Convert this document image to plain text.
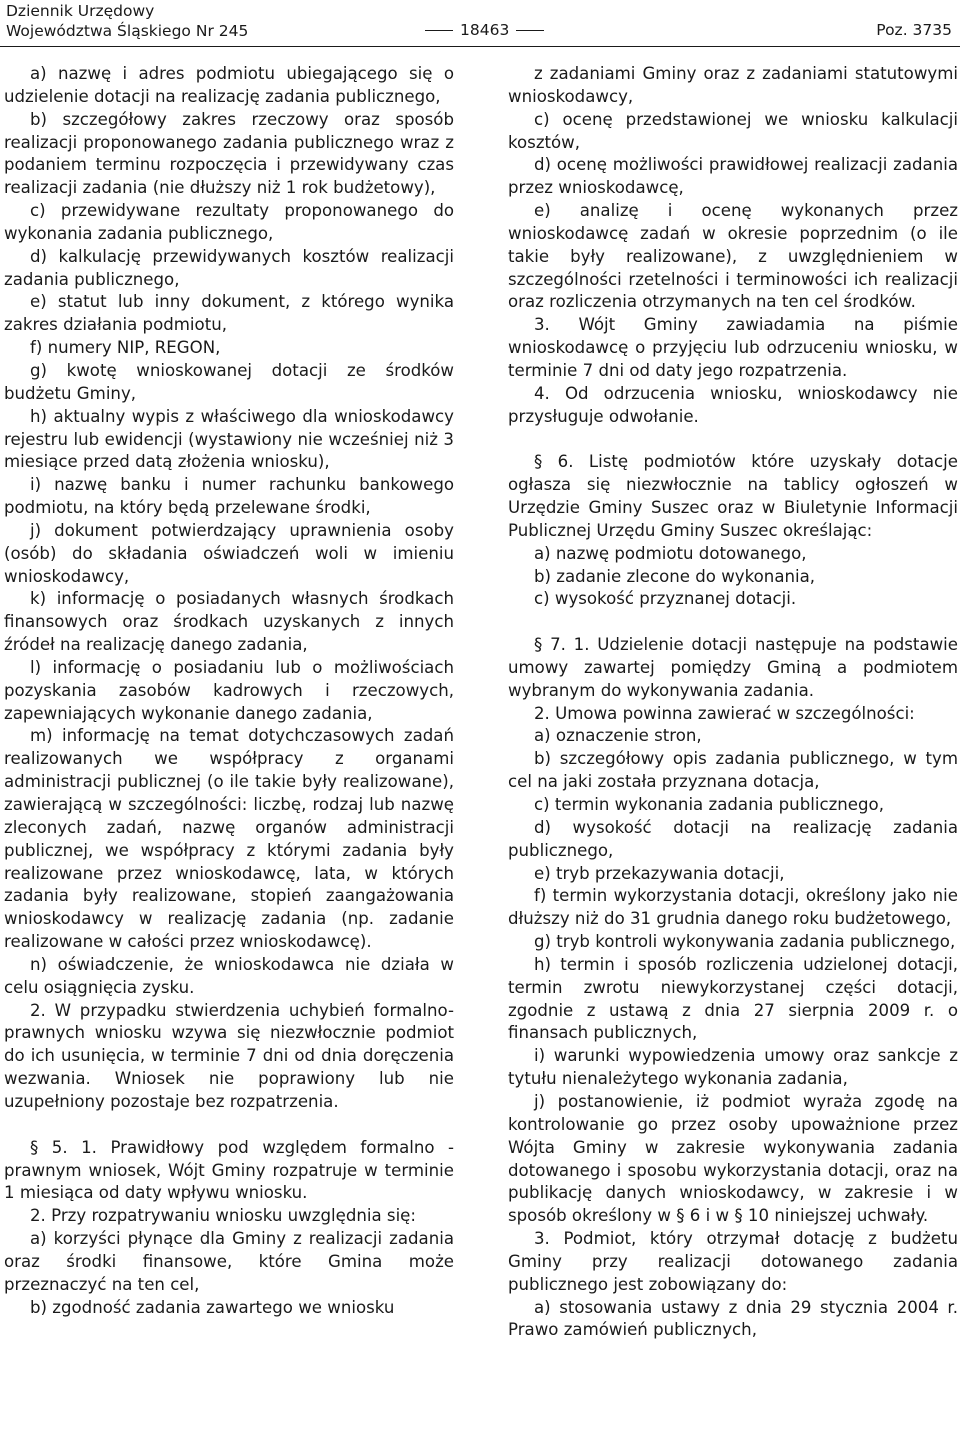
Dziennik Urzędowy
Województwa Śląskiego Nr 245	18463	Poz. 3735

a) nazwę i adres podmiotu ubiegającego się o udzielenie dotacji na realizację zadania publicznego,

b) szczegółowy zakres rzeczowy oraz sposób realizacji proponowanego zadania publicznego wraz z podaniem terminu rozpoczęcia i przewidywany czas realizacji zadania (nie dłuższy niż 1 rok budżetowy),

c) przewidywane rezultaty proponowanego do wykonania zadania publicznego,

d) kalkulację przewidywanych kosztów realizacji zadania publicznego,

e) statut lub inny dokument, z którego wynika zakres działania podmiotu,

f) numery NIP, REGON,

g) kwotę wnioskowanej dotacji ze środków budżetu Gminy,

h) aktualny wypis z właściwego dla wnioskodawcy rejestru lub ewidencji (wystawiony nie wcześniej niż 3 miesiące przed datą złożenia wniosku),

i) nazwę banku i numer rachunku bankowego podmiotu, na który będą przelewane środki,

j) dokument potwierdzający uprawnienia osoby (osób) do składania oświadczeń woli w imieniu wnioskodawcy,

k) informację o posiadanych własnych środkach finansowych oraz środkach uzyskanych z innych źródeł na realizację danego zadania,

l) informację o posiadaniu lub o możliwościach pozyskania zasobów kadrowych i rzeczowych, zapewniających wykonanie danego zadania,

m) informację na temat dotychczasowych zadań realizowanych we współpracy z organami administracji publicznej (o ile takie były realizowane), zawierającą w szczególności: liczbę, rodzaj lub nazwę zleconych zadań, nazwę organów administracji publicznej, we współpracy z którymi zadania były realizowane przez wnioskodawcę, lata, w których zadania były realizowane, stopień zaangażowania wnioskodawcy w realizację zadania (np. zadanie realizowane w całości przez wnioskodawcę).

n) oświadczenie, że wnioskodawca nie działa w celu osiągnięcia zysku.

2. W przypadku stwierdzenia uchybień formalno-prawnych wniosku wzywa się niezwłocznie podmiot do ich usunięcia, w terminie 7 dni od dnia doręczenia wezwania. Wniosek nie poprawiony lub nie uzupełniony pozostaje bez rozpatrzenia.

§ 5. 1. Prawidłowy pod względem formalno - prawnym wniosek, Wójt Gminy rozpatruje w terminie 1 miesiąca od daty wpływu wniosku.

2. Przy rozpatrywaniu wniosku uwzględnia się:

a) korzyści płynące dla Gminy z realizacji zadania oraz środki finansowe, które Gmina może przeznaczyć na ten cel,

b) zgodność zadania zawartego we wniosku

z zadaniami Gminy oraz z zadaniami statutowymi wnioskodawcy,

c) ocenę przedstawionej we wniosku kalkulacji kosztów,

d) ocenę możliwości prawidłowej realizacji zadania przez wnioskodawcę,

e) analizę i ocenę wykonanych przez wnioskodawcę zadań w okresie poprzednim (o ile takie były realizowane), z uwzględnieniem w szczególności rzetelności i terminowości ich realizacji oraz rozliczenia otrzymanych na ten cel środków.

3. Wójt Gminy zawiadamia na piśmie wnioskodawcę o przyjęciu lub odrzuceniu wniosku, w terminie 7 dni od daty jego rozpatrzenia.

4. Od odrzucenia wniosku, wnioskodawcy nie przysługuje odwołanie.

§ 6. Listę podmiotów które uzyskały dotacje ogłasza się niezwłocznie na tablicy ogłoszeń w Urzędzie Gminy Suszec oraz w Biuletynie Informacji Publicznej Urzędu Gminy Suszec określając:

a) nazwę podmiotu dotowanego,

b) zadanie zlecone do wykonania,

c) wysokość przyznanej dotacji.

§ 7. 1. Udzielenie dotacji następuje na podstawie umowy zawartej pomiędzy Gminą a podmiotem wybranym do wykonywania zadania.

2. Umowa powinna zawierać w szczególności:

a) oznaczenie stron,

b) szczegółowy opis zadania publicznego, w tym cel na jaki została przyznana dotacja,

c) termin wykonania zadania publicznego,

d) wysokość dotacji na realizację zadania publicznego,

e) tryb przekazywania dotacji,

f) termin wykorzystania dotacji, określony jako nie dłuższy niż do 31 grudnia danego roku budżetowego,

g) tryb kontroli wykonywania zadania publicznego,

h) termin i sposób rozliczenia udzielonej dotacji, termin zwrotu niewykorzystanej części dotacji, zgodnie z ustawą z dnia 27 sierpnia 2009 r. o finansach publicznych,

i) warunki wypowiedzenia umowy oraz sankcje z tytułu nienależytego wykonania zadania,

j) postanowienie, iż podmiot wyraża zgodę na kontrolowanie go przez osoby upoważnione przez Wójta Gminy w zakresie wykonywania zadania dotowanego i sposobu wykorzystania dotacji, oraz na publikację danych wnioskodawcy, w zakresie i w sposób określony w § 6 i w § 10 niniejszej uchwały.

3. Podmiot, który otrzymał dotację z budżetu Gminy przy realizacji dotowanego zadania publicznego jest zobowiązany do:

a) stosowania ustawy z dnia 29 stycznia 2004 r. Prawo zamówień publicznych,
